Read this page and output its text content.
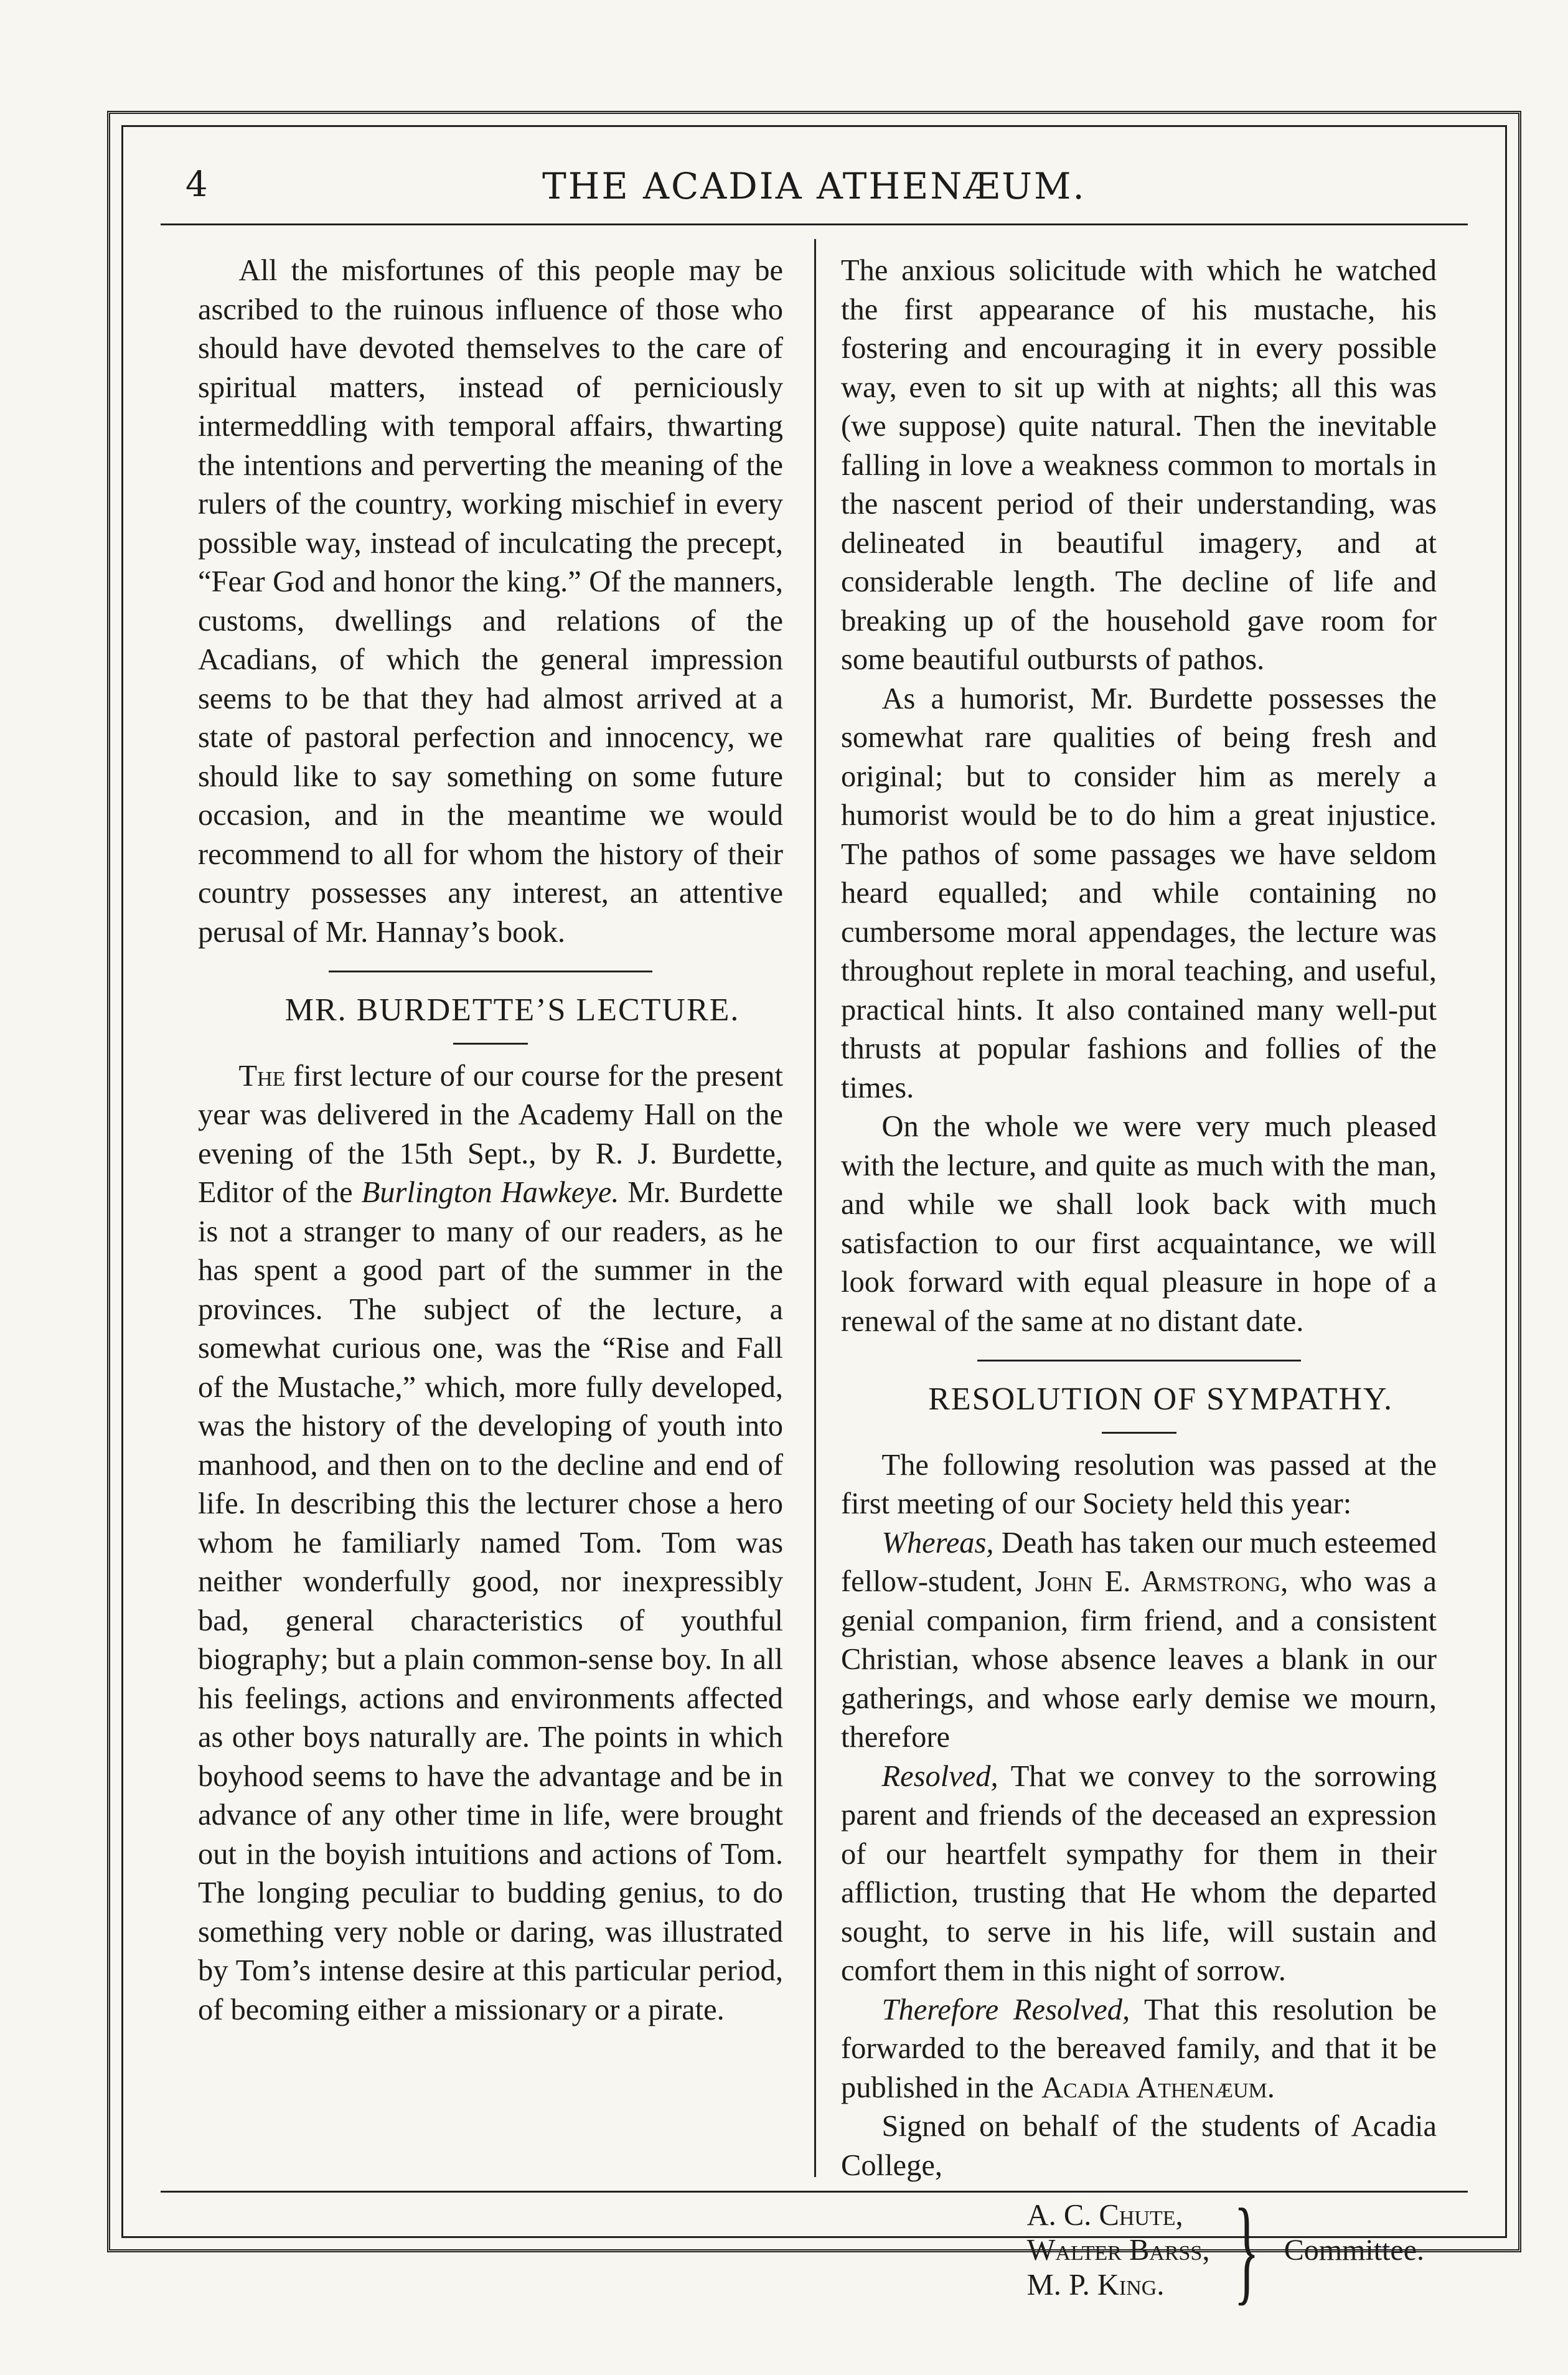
4	THE ACADIA ATHENÆUM.

All the misfortunes of this people may be ascribed to the ruinous influence of those who should have devoted themselves to the care of spiritual matters, instead of perniciously intermeddling with temporal affairs, thwarting the intentions and perverting the meaning of the rulers of the country, working mischief in every possible way, instead of inculcating the precept, “Fear God and honor the king.” Of the manners, customs, dwellings and relations of the Acadians, of which the general impression seems to be that they had almost arrived at a state of pastoral perfection and innocency, we should like to say something on some future occasion, and in the meantime we would recommend to all for whom the history of their country possesses any interest, an attentive perusal of Mr. Hannay’s book.

MR. BURDETTE’S LECTURE.

The first lecture of our course for the present year was delivered in the Academy Hall on the evening of the 15th Sept., by R. J. Burdette, Editor of the Burlington Hawkeye. Mr. Burdette is not a stranger to many of our readers, as he has spent a good part of the summer in the provinces. The subject of the lecture, a somewhat curious one, was the “Rise and Fall of the Mustache,” which, more fully developed, was the history of the developing of youth into manhood, and then on to the decline and end of life. In describing this the lecturer chose a hero whom he familiarly named Tom. Tom was neither wonderfully good, nor inexpressibly bad, general characteristics of youthful biography; but a plain common-sense boy. In all his feelings, actions and environments affected as other boys naturally are. The points in which boyhood seems to have the advantage and be in advance of any other time in life, were brought out in the boyish intuitions and actions of Tom. The longing peculiar to budding genius, to do something very noble or daring, was illustrated by Tom’s intense desire at this particular period, of becoming either a missionary or a pirate.

The anxious solicitude with which he watched the first appearance of his mustache, his fostering and encouraging it in every possible way, even to sit up with at nights; all this was (we suppose) quite natural. Then the inevitable falling in love a weakness common to mortals in the nascent period of their understanding, was delineated in beautiful imagery, and at considerable length. The decline of life and breaking up of the household gave room for some beautiful outbursts of pathos.

As a humorist, Mr. Burdette possesses the somewhat rare qualities of being fresh and original; but to consider him as merely a humorist would be to do him a great injustice. The pathos of some passages we have seldom heard equalled; and while containing no cumbersome moral appendages, the lecture was throughout replete in moral teaching, and useful, practical hints. It also contained many well-put thrusts at popular fashions and follies of the times.

On the whole we were very much pleased with the lecture, and quite as much with the man, and while we shall look back with much satisfaction to our first acquaintance, we will look forward with equal pleasure in hope of a renewal of the same at no distant date.

RESOLUTION OF SYMPATHY.

The following resolution was passed at the first meeting of our Society held this year:

Whereas, Death has taken our much esteemed fellow-student, John E. Armstrong, who was a genial companion, firm friend, and a consistent Christian, whose absence leaves a blank in our gatherings, and whose early demise we mourn, therefore

Resolved, That we convey to the sorrowing parent and friends of the deceased an expression of our heartfelt sympathy for them in their affliction, trusting that He whom the departed sought, to serve in his life, will sustain and comfort them in this night of sorrow.

Therefore Resolved, That this resolution be forwarded to the bereaved family, and that it be published in the Acadia Athenæum.

Signed on behalf of the students of Acadia College,

A. C. Chute,
Walter Barss,
M. P. King. } Committee.
